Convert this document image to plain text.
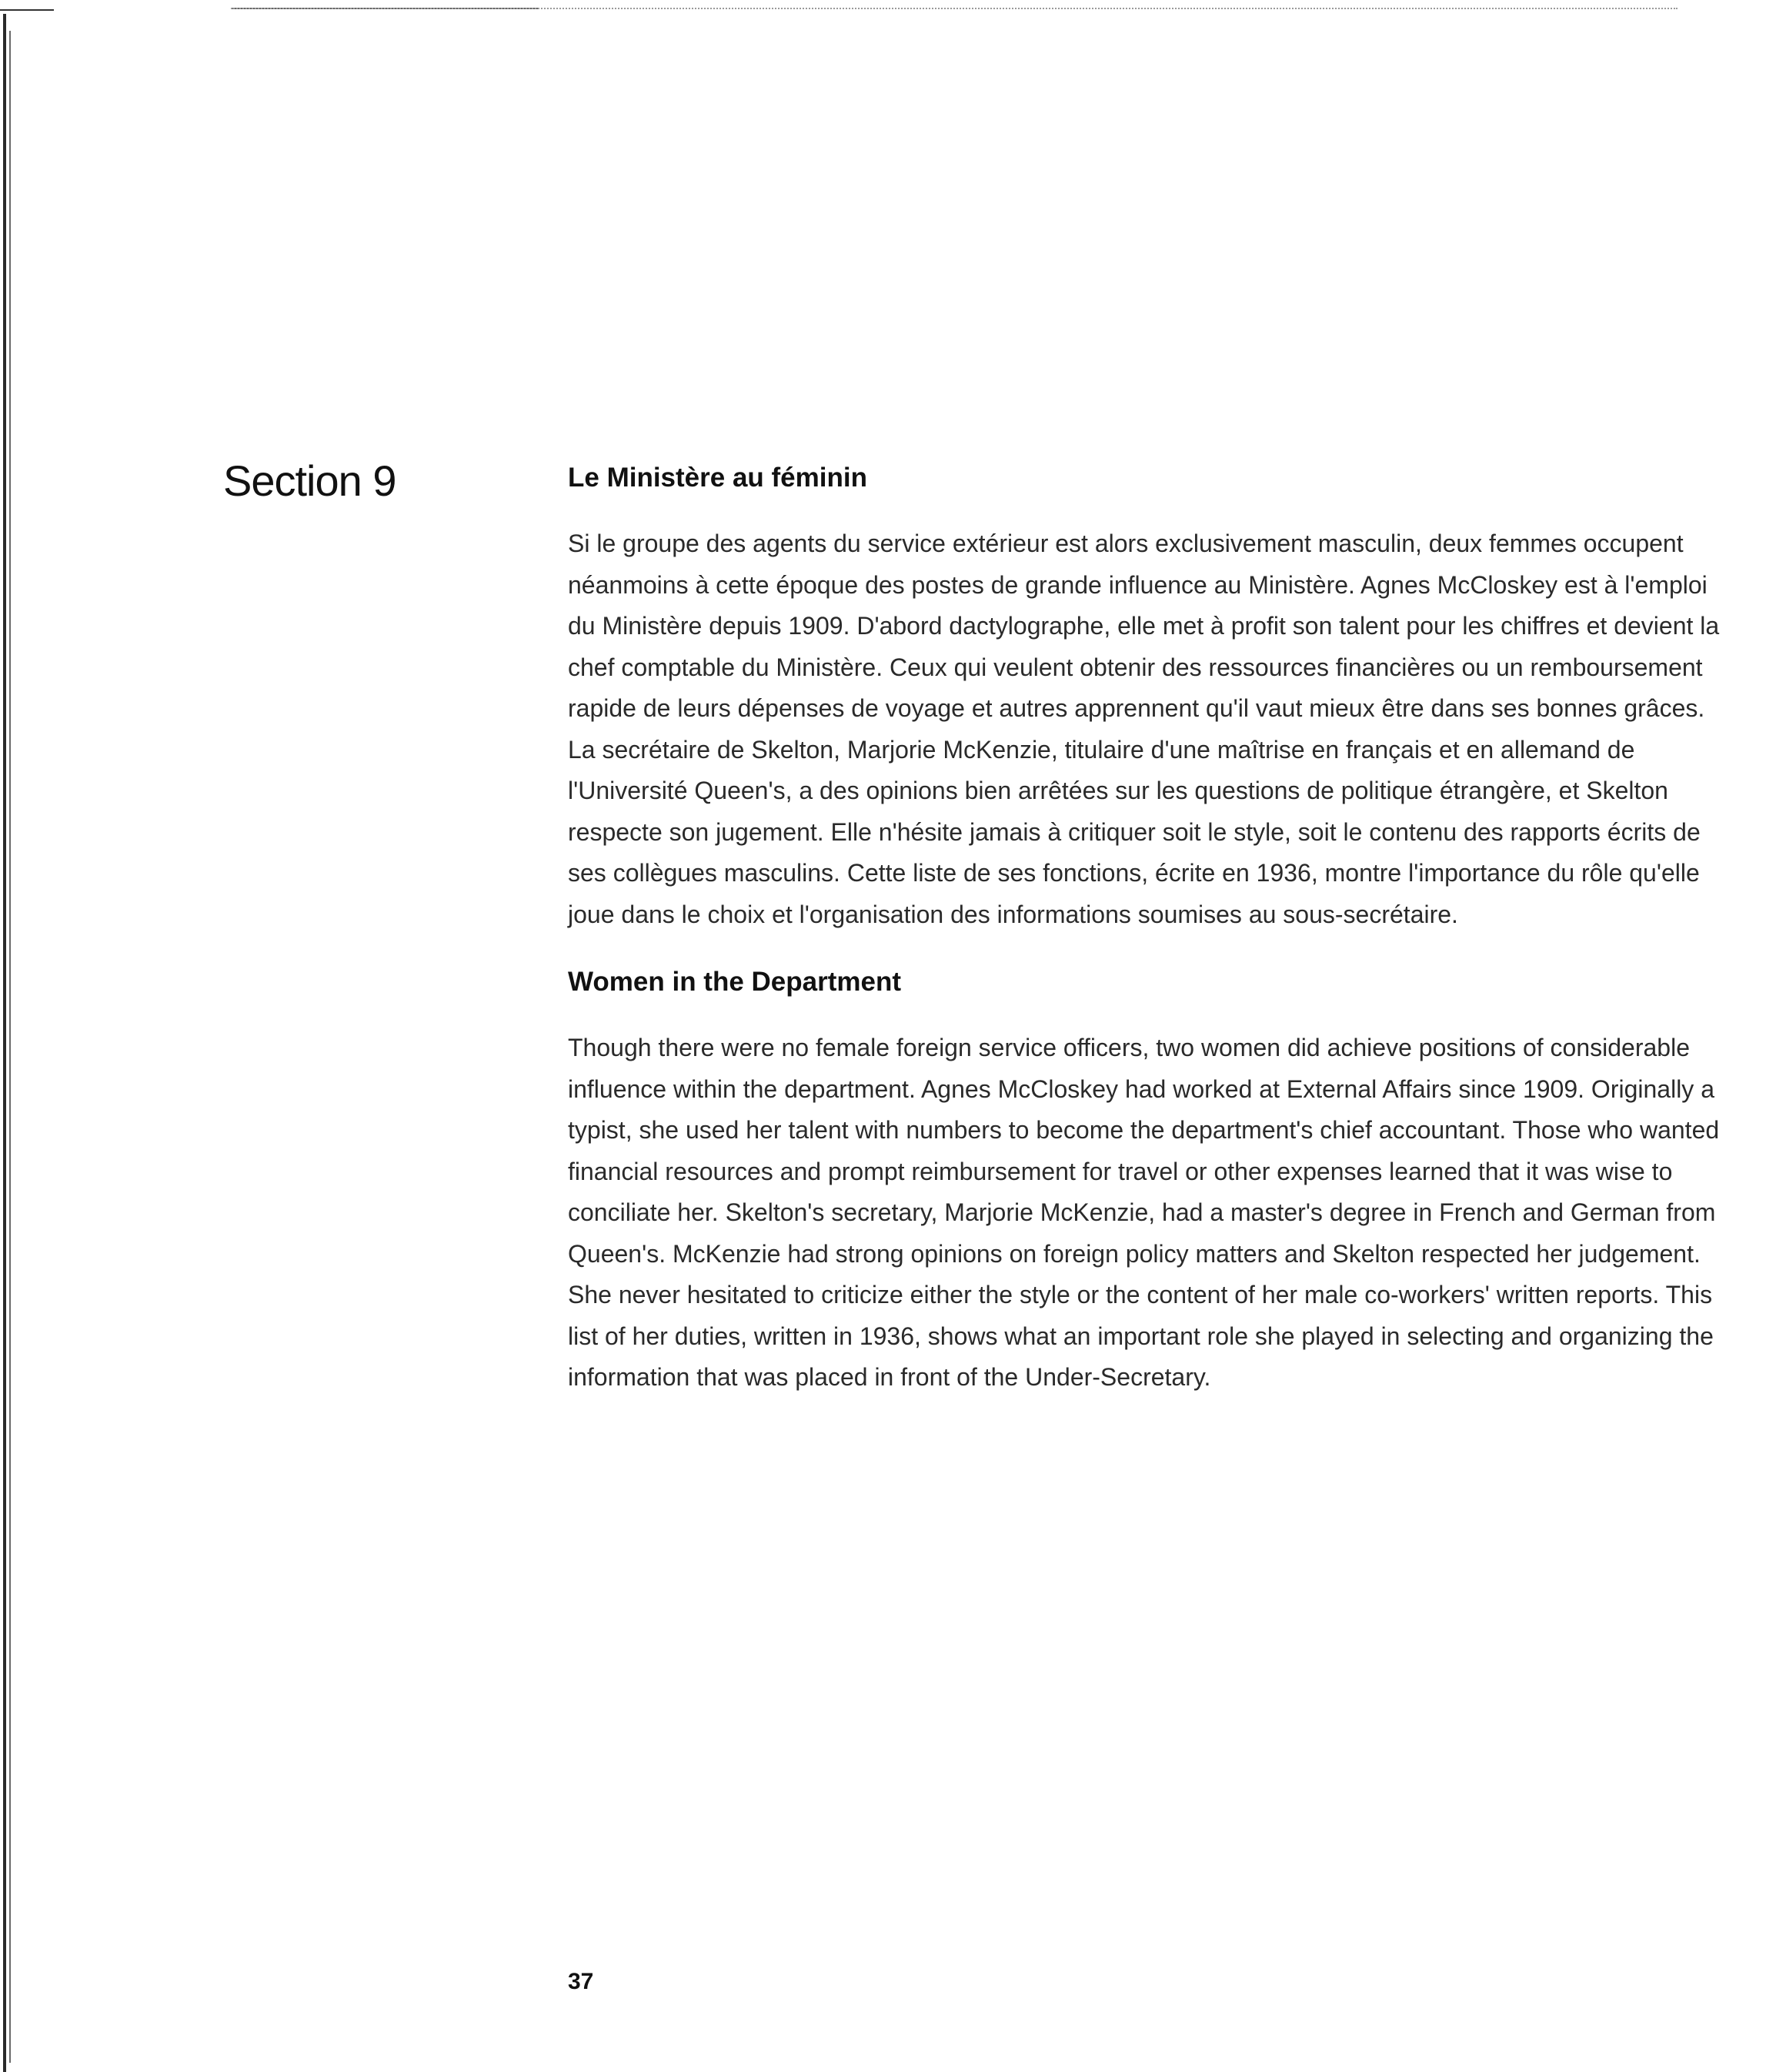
Section 9	Le Ministère au féminin

Si le groupe des agents du service extérieur est alors exclusivement masculin, deux femmes occupent néanmoins à cette époque des postes de grande influence au Ministère. Agnes McCloskey est à l'emploi du Ministère depuis 1909. D'abord dactylographe, elle met à profit son talent pour les chiffres et devient la chef comptable du Ministère. Ceux qui veulent obtenir des ressources financières ou un remboursement rapide de leurs dépenses de voyage et autres apprennent qu'il vaut mieux être dans ses bonnes grâces. La secrétaire de Skelton, Marjorie McKenzie, titulaire d'une maîtrise en français et en allemand de l'Université Queen's, a des opinions bien arrêtées sur les questions de politique étrangère, et Skelton respecte son jugement. Elle n'hésite jamais à critiquer soit le style, soit le contenu des rapports écrits de ses collègues masculins. Cette liste de ses fonctions, écrite en 1936, montre l'importance du rôle qu'elle joue dans le choix et l'organisation des informations soumises au sous-secrétaire.

Women in the Department

Though there were no female foreign service officers, two women did achieve positions of considerable influence within the department. Agnes McCloskey had worked at External Affairs since 1909. Originally a typist, she used her talent with numbers to become the department's chief accountant. Those who wanted financial resources and prompt reimbursement for travel or other expenses learned that it was wise to conciliate her. Skelton's secretary, Marjorie McKenzie, had a master's degree in French and German from Queen's. McKenzie had strong opinions on foreign policy matters and Skelton respected her judgement. She never hesitated to criticize either the style or the content of her male co-workers' written reports. This list of her duties, written in 1936, shows what an important role she played in selecting and organizing the information that was placed in front of the Under-Secretary.

37
